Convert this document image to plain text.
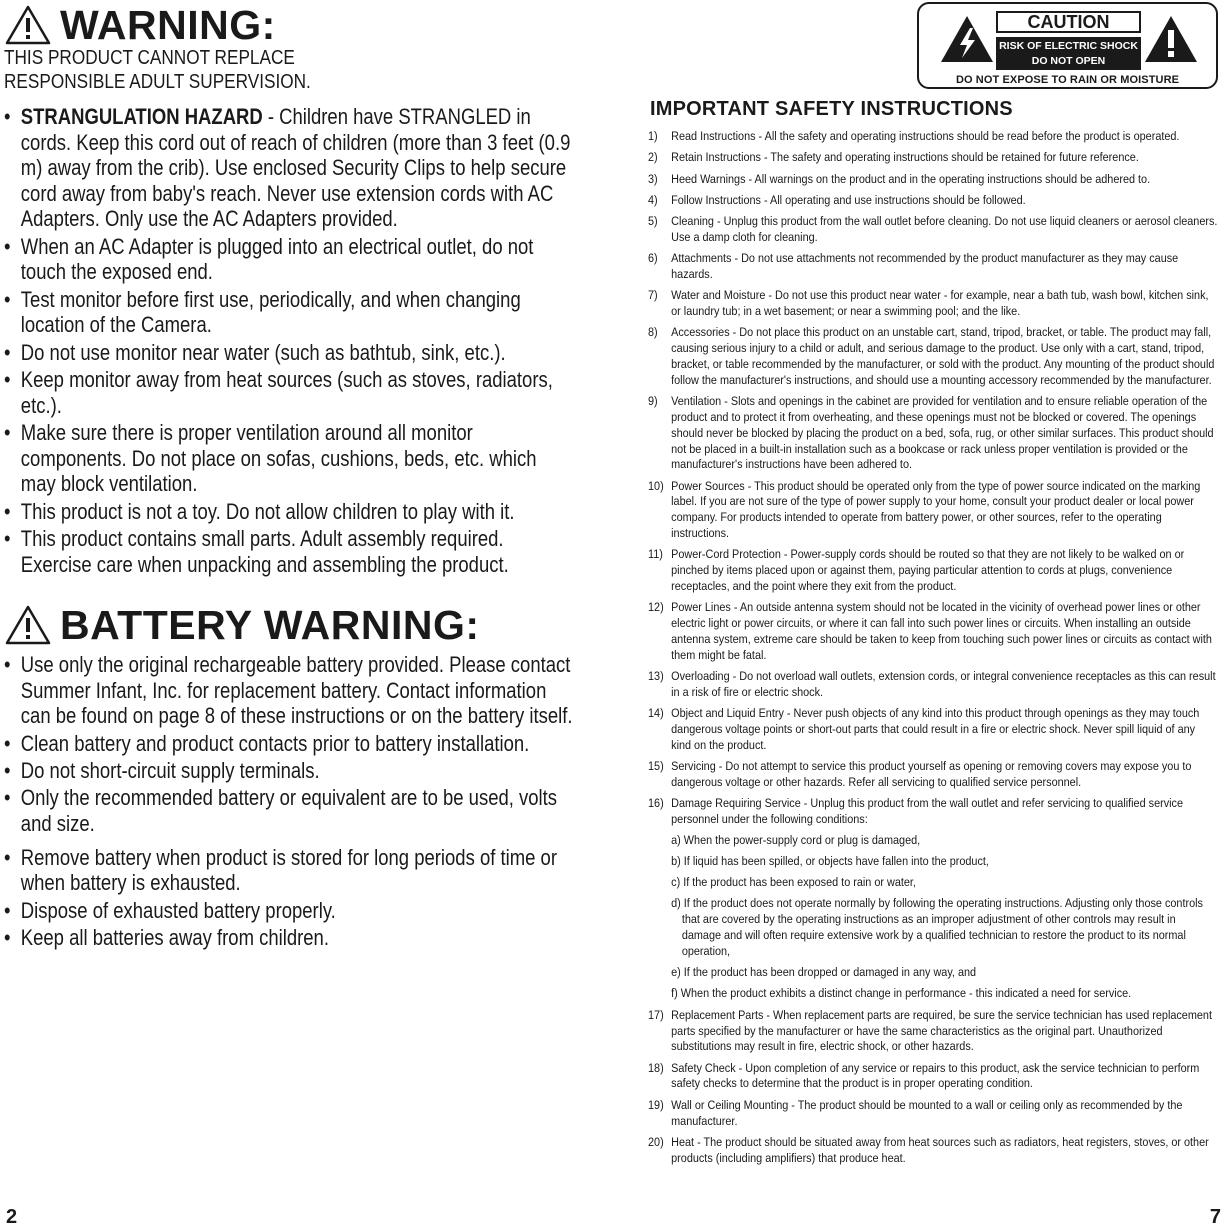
WARNING:
THIS PRODUCT CANNOT REPLACE RESPONSIBLE ADULT SUPERVISION.
• STRANGULATION HAZARD - Children have STRANGLED in cords. Keep this cord out of reach of children (more than 3 feet (0.9 m) away from the crib). Use enclosed Security Clips to help secure cord away from baby's reach. Never use extension cords with AC Adapters. Only use the AC Adapters provided.
• When an AC Adapter is plugged into an electrical outlet, do not touch the exposed end.
• Test monitor before first use, periodically, and when changing location of the Camera.
• Do not use monitor near water (such as bathtub, sink, etc.).
• Keep monitor away from heat sources (such as stoves, radiators, etc.).
• Make sure there is proper ventilation around all monitor components. Do not place on sofas, cushions, beds, etc. which may block ventilation.
• This product is not a toy. Do not allow children to play with it.
• This product contains small parts. Adult assembly required. Exercise care when unpacking and assembling the product.
BATTERY WARNING:
• Use only the original rechargeable battery provided. Please contact Summer Infant, Inc. for replacement battery. Contact information can be found on page 8 of these instructions or on the battery itself.
• Clean battery and product contacts prior to battery installation.
• Do not short-circuit supply terminals.
• Only the recommended battery or equivalent are to be used, volts and size.
• Remove battery when product is stored for long periods of time or when battery is exhausted.
• Dispose of exhausted battery properly.
• Keep all batteries away from children.
2
CAUTION
RISK OF ELECTRIC SHOCK
DO NOT OPEN
DO NOT EXPOSE TO RAIN OR MOISTURE
IMPORTANT SAFETY INSTRUCTIONS
1) Read Instructions - All the safety and operating instructions should be read before the product is operated.
2) Retain Instructions - The safety and operating instructions should be retained for future reference.
3) Heed Warnings - All warnings on the product and in the operating instructions should be adhered to.
4) Follow Instructions - All operating and use instructions should be followed.
5) Cleaning - Unplug this product from the wall outlet before cleaning. Do not use liquid cleaners or aerosol cleaners. Use a damp cloth for cleaning.
6) Attachments - Do not use attachments not recommended by the product manufacturer as they may cause hazards.
7) Water and Moisture - Do not use this product near water - for example, near a bath tub, wash bowl, kitchen sink, or laundry tub; in a wet basement; or near a swimming pool; and the like.
8) Accessories - Do not place this product on an unstable cart, stand, tripod, bracket, or table. The product may fall, causing serious injury to a child or adult, and serious damage to the product. Use only with a cart, stand, tripod, bracket, or table recommended by the manufacturer, or sold with the product. Any mounting of the product should follow the manufacturer's instructions, and should use a mounting accessory recommended by the manufacturer.
9) Ventilation - Slots and openings in the cabinet are provided for ventilation and to ensure reliable operation of the product and to protect it from overheating, and these openings must not be blocked or covered. The openings should never be blocked by placing the product on a bed, sofa, rug, or other similar surfaces. This product should not be placed in a built-in installation such as a bookcase or rack unless proper ventilation is provided or the manufacturer's instructions have been adhered to.
10) Power Sources - This product should be operated only from the type of power source indicated on the marking label. If you are not sure of the type of power supply to your home, consult your product dealer or local power company. For products intended to operate from battery power, or other sources, refer to the operating instructions.
11) Power-Cord Protection - Power-supply cords should be routed so that they are not likely to be walked on or pinched by items placed upon or against them, paying particular attention to cords at plugs, convenience receptacles, and the point where they exit from the product.
12) Power Lines - An outside antenna system should not be located in the vicinity of overhead power lines or other electric light or power circuits, or where it can fall into such power lines or circuits. When installing an outside antenna system, extreme care should be taken to keep from touching such power lines or circuits as contact with them might be fatal.
13) Overloading - Do not overload wall outlets, extension cords, or integral convenience receptacles as this can result in a risk of fire or electric shock.
14) Object and Liquid Entry - Never push objects of any kind into this product through openings as they may touch dangerous voltage points or short-out parts that could result in a fire or electric shock. Never spill liquid of any kind on the product.
15) Servicing - Do not attempt to service this product yourself as opening or removing covers may expose you to dangerous voltage or other hazards. Refer all servicing to qualified service personnel.
16) Damage Requiring Service - Unplug this product from the wall outlet and refer servicing to qualified service personnel under the following conditions:
a) When the power-supply cord or plug is damaged,
b) If liquid has been spilled, or objects have fallen into the product,
c) If the product has been exposed to rain or water,
d) If the product does not operate normally by following the operating instructions. Adjusting only those controls that are covered by the operating instructions as an improper adjustment of other controls may result in damage and will often require extensive work by a qualified technician to restore the product to its normal operation,
e) If the product has been dropped or damaged in any way, and
f) When the product exhibits a distinct change in performance - this indicated a need for service.
17) Replacement Parts - When replacement parts are required, be sure the service technician has used replacement parts specified by the manufacturer or have the same characteristics as the original part. Unauthorized substitutions may result in fire, electric shock, or other hazards.
18) Safety Check - Upon completion of any service or repairs to this product, ask the service technician to perform safety checks to determine that the product is in proper operating condition.
19) Wall or Ceiling Mounting - The product should be mounted to a wall or ceiling only as recommended by the manufacturer.
20) Heat - The product should be situated away from heat sources such as radiators, heat registers, stoves, or other products (including amplifiers) that produce heat.
7
